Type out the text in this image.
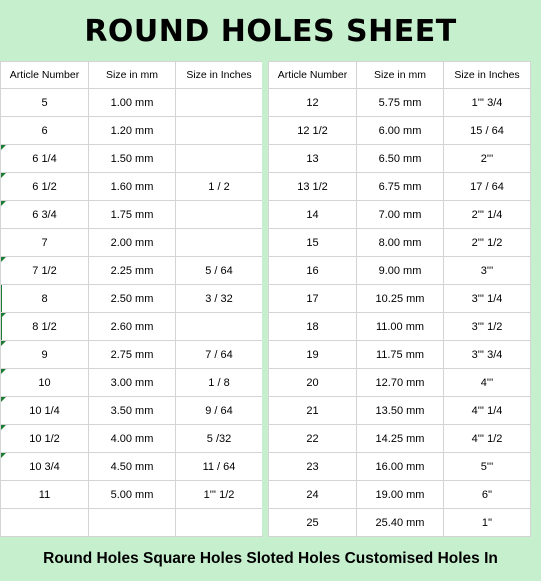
ROUND HOLES SHEET
Article Number	Size in mm	Size in Inches
5	1.00 mm	
6	1.20 mm	
6 1/4	1.50 mm	
6 1/2	1.60 mm	1 / 2
6 3/4	1.75 mm	
7	2.00 mm	
7 1/2	2.25 mm	5 / 64
8	2.50 mm	3 / 32
8 1/2	2.60 mm	
9	2.75 mm	7 / 64
10	3.00 mm	1 / 8
10 1/4	3.50 mm	9 / 64
10 1/2	4.00 mm	5 /32
10 3/4	4.50 mm	11 / 64
11	5.00 mm	1''' 1/2

Article Number	Size in mm	Size in Inches
12	5.75 mm	1''' 3/4
12 1/2	6.00 mm	15 / 64
13	6.50 mm	2'''
13 1/2	6.75 mm	17 / 64
14	7.00 mm	2''' 1/4
15	8.00 mm	2''' 1/2
16	9.00 mm	3'''
17	10.25 mm	3''' 1/4
18	11.00 mm	3''' 1/2
19	11.75 mm	3''' 3/4
20	12.70 mm	4'''
21	13.50 mm	4''' 1/4
22	14.25 mm	4''' 1/2
23	16.00 mm	5'''
24	19.00 mm	6''
25	25.40 mm	1''
Round Holes Square Holes Sloted Holes Customised Holes In
